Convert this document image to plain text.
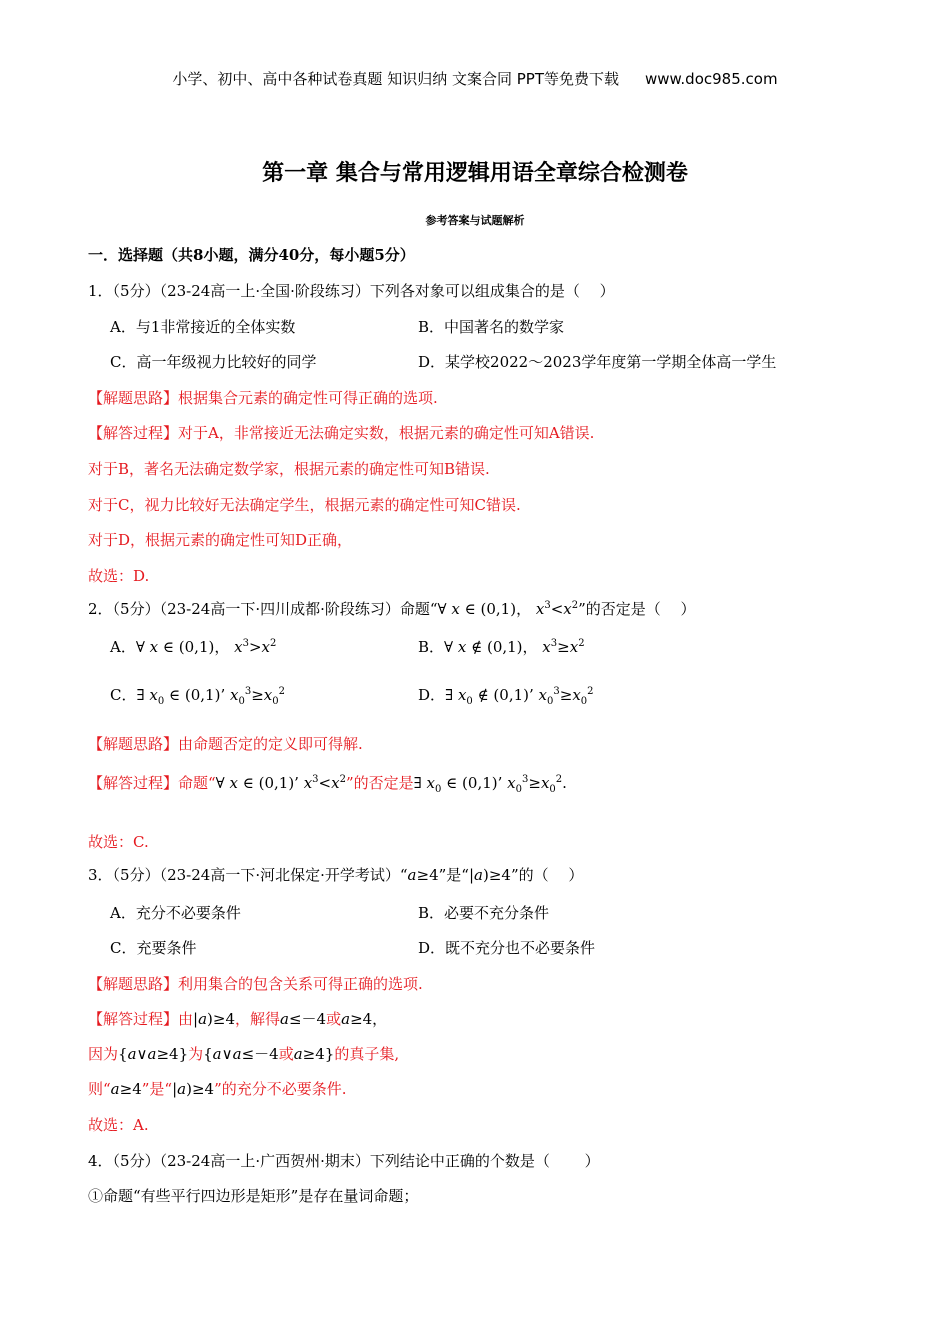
小学、初中、高中各种试卷真题 知识归纳 文案合同 PPT等免费下载 www.doc985.com
第一章 集合与常用逻辑用语全章综合检测卷
参考答案与试题解析
一．选择题（共8小题，满分40分，每小题5分）
1．（5分）（23-24高一上·全国·阶段练习）下列各对象可以组成集合的是（　 ）
A．与1非常接近的全体实数	B．中国著名的数学家
C．高一年级视力比较好的同学	D．某学校2022～2023学年度第一学期全体高一学生
【解题思路】根据集合元素的确定性可得正确的选项.
【解答过程】对于A，非常接近无法确定实数，根据元素的确定性可知A错误.
对于B，著名无法确定数学家，根据元素的确定性可知B错误.
对于C，视力比较好无法确定学生，根据元素的确定性可知C错误.
对于D，根据元素的确定性可知D正确，
故选：D.
2．（5分）（23-24高一下·四川成都·阶段练习）命题“∀ x ∈ (0,1)， $x^3<x^2$”的否定是（　 ）
A．∀ x ∈ (0,1)， $x^3>x^2$	B．∀ x ∉ (0,1)， $x^3\ge x^2$
C．∃ $x_0$ ∈ (0,1)’ $x_0^3\ge x_0^2$	D．∃ $x_0$ ∉ (0,1)’ $x_0^3\ge x_0^2$
【解题思路】由命题否定的定义即可得解.
【解答过程】命题“∀ x ∈ (0,1)’ $x^3<x^2$”的否定是∃ $x_0$ ∈ (0,1)’ $x_0^3\ge x_0^2$.
故选：C.
3．（5分）（23-24高一下·河北保定·开学考试）“a≥4”是“|a)≥4”的（　 ）
A．充分不必要条件	B．必要不充分条件
C．充要条件	D．既不充分也不必要条件
【解题思路】利用集合的包含关系可得正确的选项.
【解答过程】由|a)≥4，解得a≤－4或a≥4，
因为{a∨a≥4}为{a∨a≤－4或a≥4}的真子集,
则“a≥4”是“|a)≥4”的充分不必要条件.
故选：A.
4．（5分）（23-24高一上·广西贺州·期末）下列结论中正确的个数是（　　 ）
①命题“有些平行四边形是矩形”是存在量词命题；
